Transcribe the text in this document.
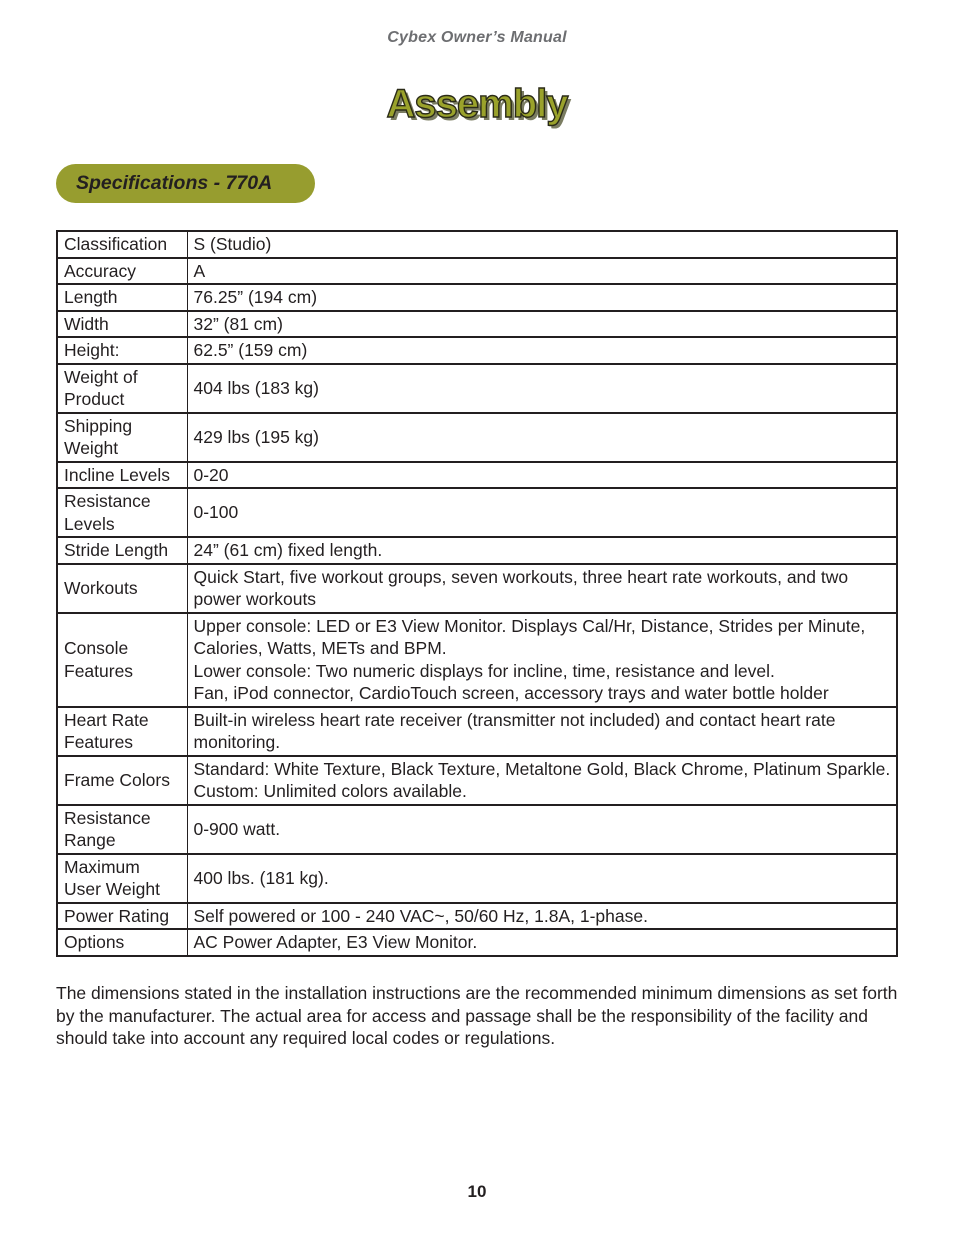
Cybex Owner’s Manual
Assembly
Specifications - 770A
Classification	S (Studio)
Accuracy	A
Length	76.25” (194 cm)
Width	32” (81 cm)
Height:	62.5” (159 cm)
Weight of Product	404 lbs (183 kg)
Shipping Weight	429 lbs (195 kg)
Incline Levels	0-20
Resistance Levels	0-100
Stride Length	24” (61 cm) fixed length.
Workouts	Quick Start, five workout groups, seven workouts, three heart rate workouts, and two power workouts
Console Features	Upper console: LED or E3 View Monitor. Displays Cal/Hr, Distance, Strides per Minute, Calories, Watts, METs and BPM.
Lower console: Two numeric displays for incline, time, resistance and level.
Fan, iPod connector, CardioTouch screen, accessory trays and water bottle holder

Heart Rate Features	Built-in wireless heart rate receiver (transmitter not included) and contact heart rate monitoring.
Frame Colors	Standard: White Texture, Black Texture, Metaltone Gold, Black Chrome, Platinum Sparkle.
Custom: Unlimited colors available.

Resistance Range	0-900 watt.
Maximum User Weight	400 lbs. (181 kg).
Power Rating	Self powered or 100 - 240 VAC~, 50/60 Hz, 1.8A, 1-phase.
Options	AC Power Adapter, E3 View Monitor.

The dimensions stated in the installation instructions are the recommended minimum dimensions as set forth by the manufacturer. The actual area for access and passage shall be the responsibility of the facility and should take into account any required local codes or regulations.

10
